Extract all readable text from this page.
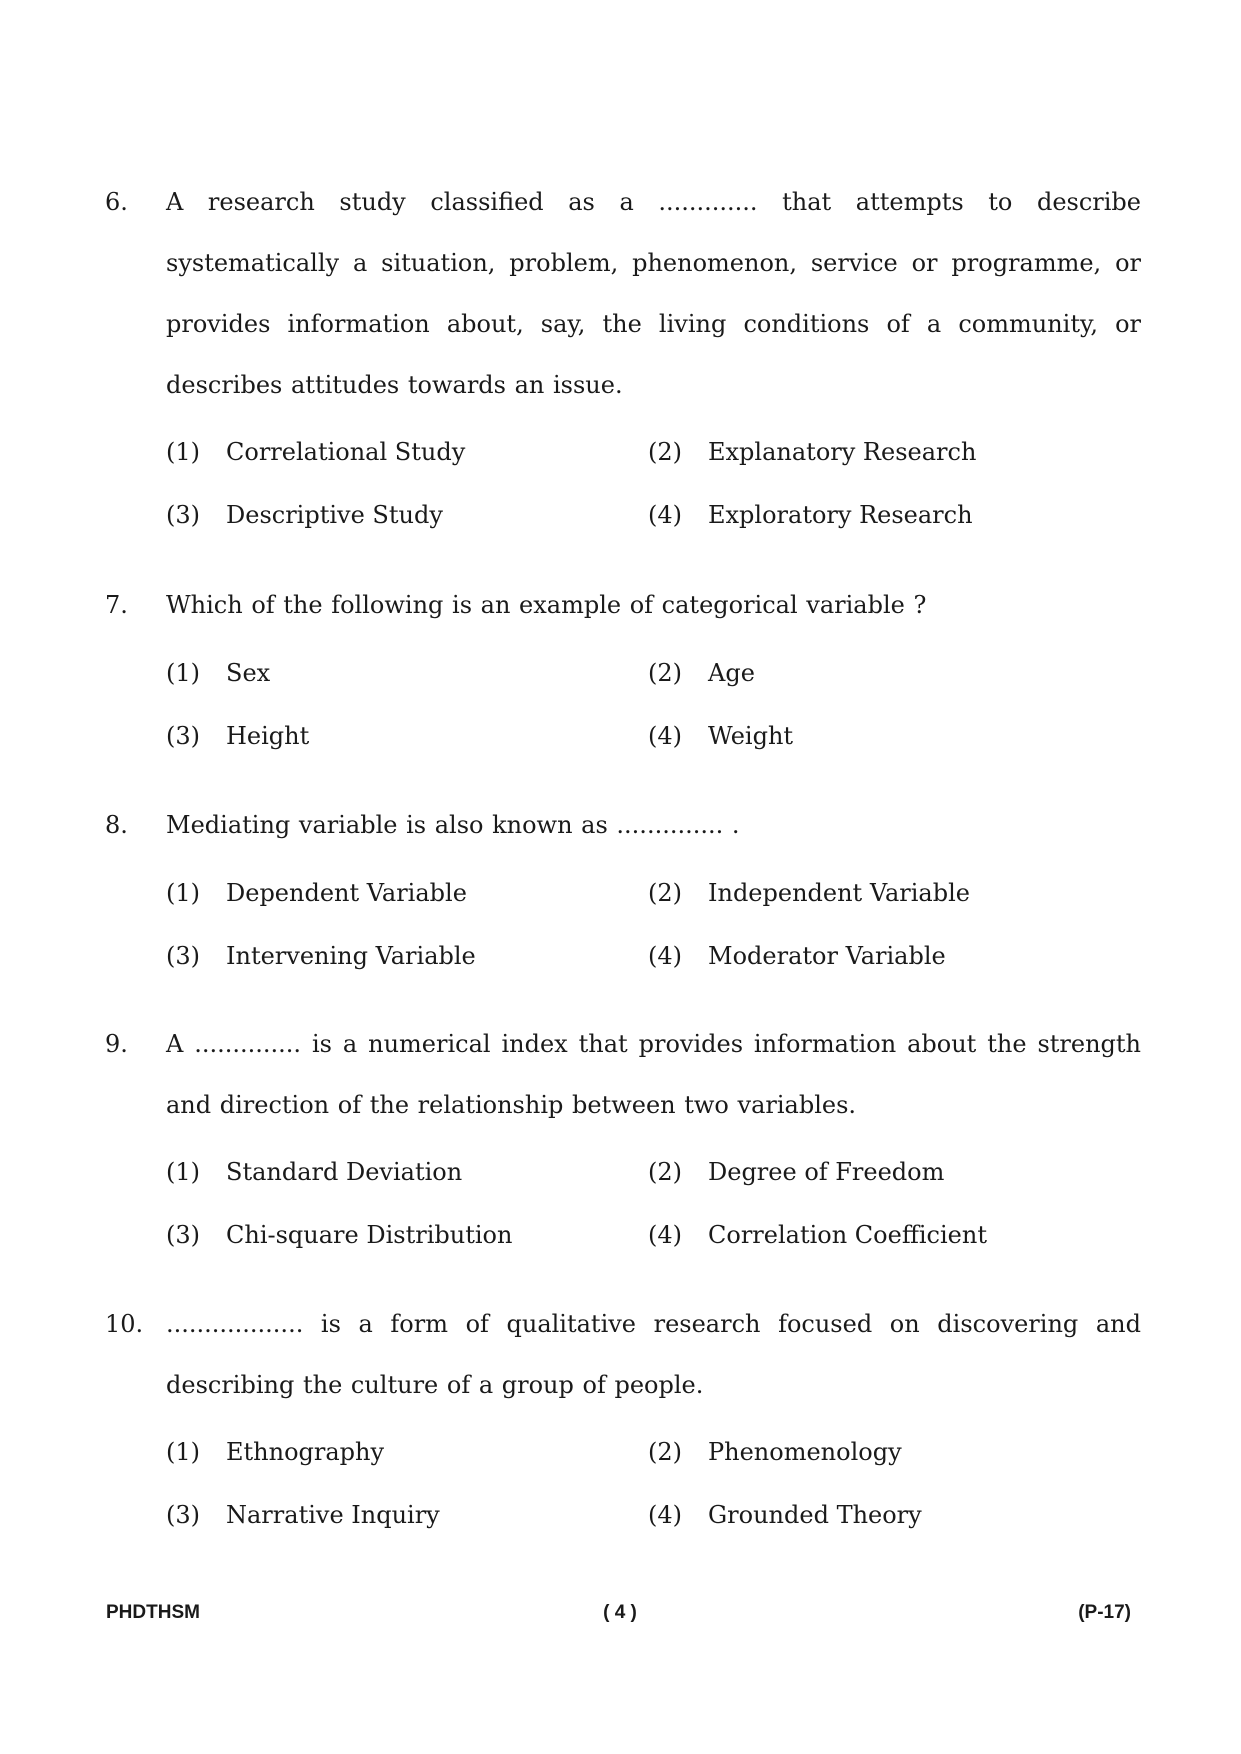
6. A research study classified as a ............. that attempts to describe systematically a situation, problem, phenomenon, service or programme, or provides information about, say, the living conditions of a community, or describes attitudes towards an issue.
(1) Correlational Study	(2) Explanatory Research
(3) Descriptive Study	(4) Exploratory Research
7. Which of the following is an example of categorical variable ?
(1) Sex	(2) Age
(3) Height	(4) Weight
8. Mediating variable is also known as .............. .
(1) Dependent Variable	(2) Independent Variable
(3) Intervening Variable	(4) Moderator Variable
9. A .............. is a numerical index that provides information about the strength and direction of the relationship between two variables.
(1) Standard Deviation	(2) Degree of Freedom
(3) Chi-square Distribution	(4) Correlation Coefficient
10. .................. is a form of qualitative research focused on discovering and describing the culture of a group of people.
(1) Ethnography	(2) Phenomenology
(3) Narrative Inquiry	(4) Grounded Theory
PHDTHSM	( 4 )	(P-17)
